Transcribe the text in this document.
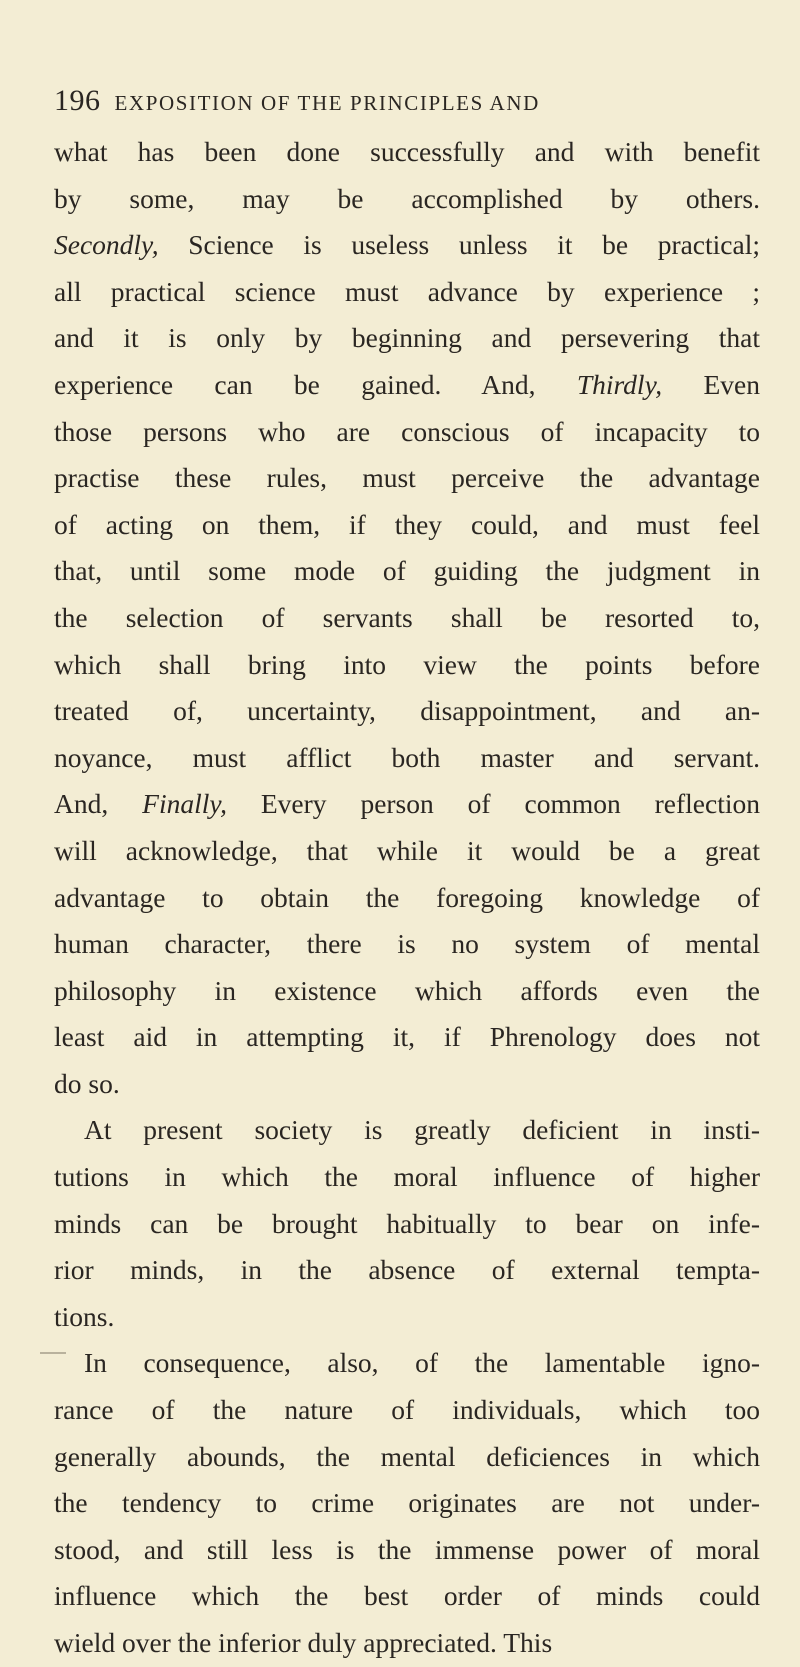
196 EXPOSITION OF THE PRINCIPLES AND
what has been done successfully and with benefit
by some, may be accomplished by others.
Secondly, Science is useless unless it be practical;
all practical science must advance by experience ;
and it is only by beginning and persevering that
experience can be gained. And, Thirdly, Even
those persons who are conscious of incapacity to
practise these rules, must perceive the advantage
of acting on them, if they could, and must feel
that, until some mode of guiding the judgment in
the selection of servants shall be resorted to,
which shall bring into view the points before
treated of, uncertainty, disappointment, and an-
noyance, must afflict both master and servant.
And, Finally, Every person of common reflection
will acknowledge, that while it would be a great
advantage to obtain the foregoing knowledge of
human character, there is no system of mental
philosophy in existence which affords even the
least aid in attempting it, if Phrenology does not
do so.
At present society is greatly deficient in insti-
tutions in which the moral influence of higher
minds can be brought habitually to bear on infe-
rior minds, in the absence of external tempta-
tions.
In consequence, also, of the lamentable igno-
rance of the nature of individuals, which too
generally abounds, the mental deficiences in which
the tendency to crime originates are not under-
stood, and still less is the immense power of moral
influence which the best order of minds could
wield over the inferior duly appreciated. This
